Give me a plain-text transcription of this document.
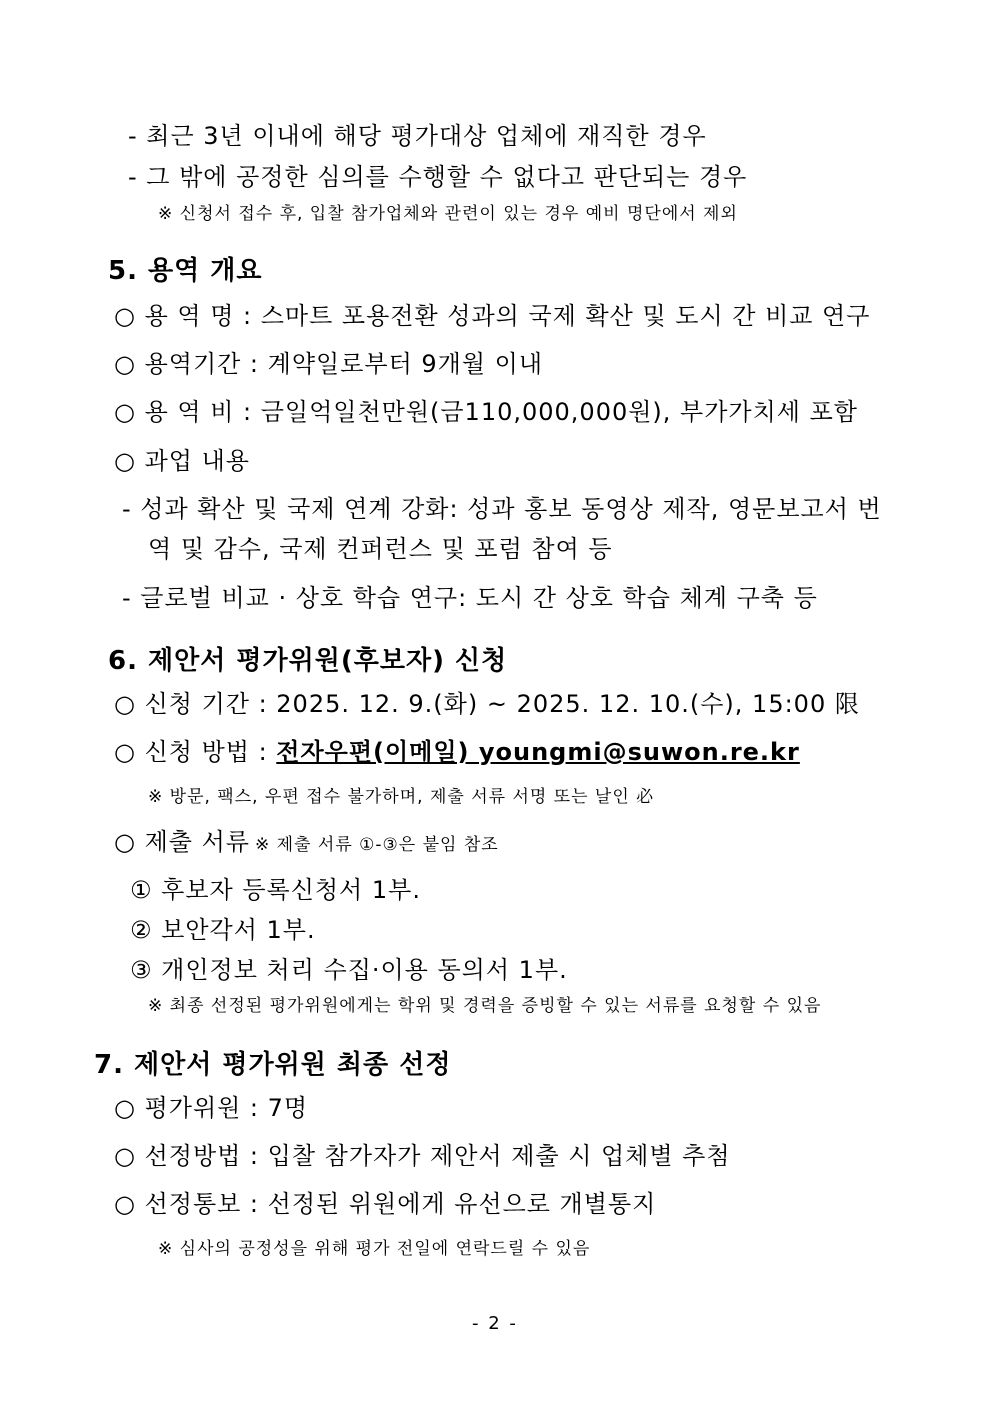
- 최근 3년 이내에 해당 평가대상 업체에 재직한 경우
- 그 밖에 공정한 심의를 수행할 수 없다고 판단되는 경우
※ 신청서 접수 후, 입찰 참가업체와 관련이 있는 경우 예비 명단에서 제외
5. 용역 개요
○ 용 역 명 : 스마트 포용전환 성과의 국제 확산 및 도시 간 비교 연구
○ 용역기간 : 계약일로부터 9개월 이내
○ 용 역 비 : 금일억일천만원(금110,000,000원), 부가가치세 포함
○ 과업 내용
- 성과 확산 및 국제 연계 강화: 성과 홍보 동영상 제작, 영문보고서 번
역 및 감수, 국제 컨퍼런스 및 포럼 참여 등
- 글로벌 비교 · 상호 학습 연구: 도시 간 상호 학습 체계 구축 등
6. 제안서 평가위원(후보자) 신청
○ 신청 기간 : 2025. 12. 9.(화) ~ 2025. 12. 10.(수), 15:00 限
○ 신청 방법 : 전자우편(이메일) youngmi@suwon.re.kr
※ 방문, 팩스, 우편 접수 불가하며, 제출 서류 서명 또는 날인 必
○ 제출 서류 ※ 제출 서류 ①-③은 붙임 참조
① 후보자 등록신청서 1부.
② 보안각서 1부.
③ 개인정보 처리 수집·이용 동의서 1부.
※ 최종 선정된 평가위원에게는 학위 및 경력을 증빙할 수 있는 서류를 요청할 수 있음
7. 제안서 평가위원 최종 선정
○ 평가위원 : 7명
○ 선정방법 : 입찰 참가자가 제안서 제출 시 업체별 추첨
○ 선정통보 : 선정된 위원에게 유선으로 개별통지
※ 심사의 공정성을 위해 평가 전일에 연락드릴 수 있음
- 2 -
